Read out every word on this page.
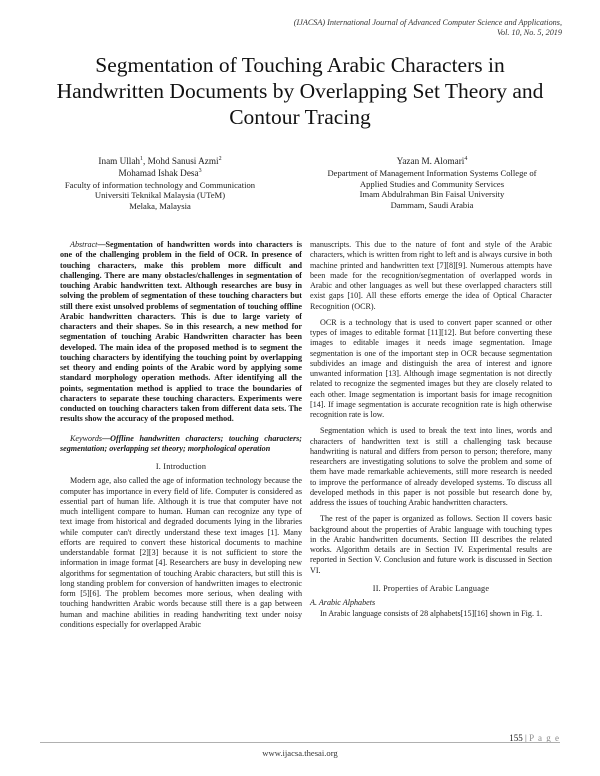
(IJACSA) International Journal of Advanced Computer Science and Applications,
Vol. 10, No. 5, 2019
Segmentation of Touching Arabic Characters in Handwritten Documents by Overlapping Set Theory and Contour Tracing
Inam Ullah$^1$, Mohd Sanusi Azmi$^2$
Mohamad Ishak Desa$^3$
Faculty of information technology and Communication
Universiti Teknikal Malaysia (UTeM)
Melaka, Malaysia
Yazan M. Alomari$^4$
Department of Management Information Systems College of
Applied Studies and Community Services
Imam Abdulrahman Bin Faisal University
Dammam, Saudi Arabia

Abstract—Segmentation of handwritten words into characters is one of the challenging problem in the field of OCR. In presence of touching characters, make this problem more difficult and challenging. There are many obstacles/challenges in segmentation of touching Arabic handwritten text. Although researches are busy in solving the problem of segmentation of these touching characters but still there exist unsolved problems of segmentation of touching offline Arabic handwritten characters. This is due to large variety of characters and their shapes. So in this research, a new method for segmentation of touching Arabic Handwritten character has been developed. The main idea of the proposed method is to segment the touching characters by identifying the touching point by overlapping set theory and ending points of the Arabic word by applying some standard morphology operation methods. After identifying all the points, segmentation method is applied to trace the boundaries of characters to separate these touching characters. Experiments were conducted on touching characters taken from different data sets. The results show the accuracy of the proposed method.

Keywords—Offline handwritten characters; touching characters; segmentation; overlapping set theory; morphological operation

I. Introduction

Modern age, also called the age of information technology because the computer has importance in every field of life. Computer is considered as essential part of human life. Although it is true that computer have not much intelligent compare to human. Human can recognize any type of text image from historical and degraded documents lying in the libraries while computer can't directly understand these text images [1]. Many efforts are required to convert these historical documents to machine understandable format [2][3] because it is not sufficient to store the information in image format [4]. Researchers are busy in developing new algorithms for segmentation of touching Arabic characters, but still this is long standing problem for conversion of handwritten images to electronic form [5][6]. The problem becomes more serious, when dealing with touching handwritten Arabic words because still there is a gap between human and machine abilities in reading handwriting text under noisy conditions especially for overlapped Arabic

manuscripts. This due to the nature of font and style of the Arabic characters, which is written from right to left and is always cursive in both machine printed and handwritten text [7][8][9]. Numerous attempts have been made for the recognition/segmentation of overlapped words in Arabic and other languages as well but these overlapped characters still exist gaps [10]. All these efforts emerge the idea of Optical Character Recognition (OCR).

OCR is a technology that is used to convert paper scanned or other types of images to editable format [11][12]. But before converting these images to editable images it needs image segmentation. Image segmentation is one of the important step in OCR because segmentation subdivides an image and distinguish the area of interest and ignore unwanted information [13]. Although image segmentation is not directly related to recognize the segmented images but they are closely related to each other. Image segmentation is important basis for image recognition [14]. If image segmentation is accurate recognition rate is high otherwise recognition rate is low.

Segmentation which is used to break the text into lines, words and characters of handwritten text is still a challenging task because handwriting is natural and differs from person to person; therefore, many researchers are investigating solutions to solve the problem and some of them have made remarkable achievements, still more research is needed to improve the performance of already developed systems. To discuss all developed methods in this paper is not possible but research done by, address the issues of touching Arabic handwritten characters.

The rest of the paper is organized as follows. Section II covers basic background about the properties of Arabic language with touching types in the Arabic handwritten documents. Section III describes the related works. Algorithm details are in Section IV. Experimental results are reported in Section V. Conclusion and future work is discussed in Section VI.

II. Properties of Arabic Language
A. Arabic Alphabets

In Arabic language consists of 28 alphabets[15][16] shown in Fig. 1.

155 | P a g e
www.ijacsa.thesai.org
